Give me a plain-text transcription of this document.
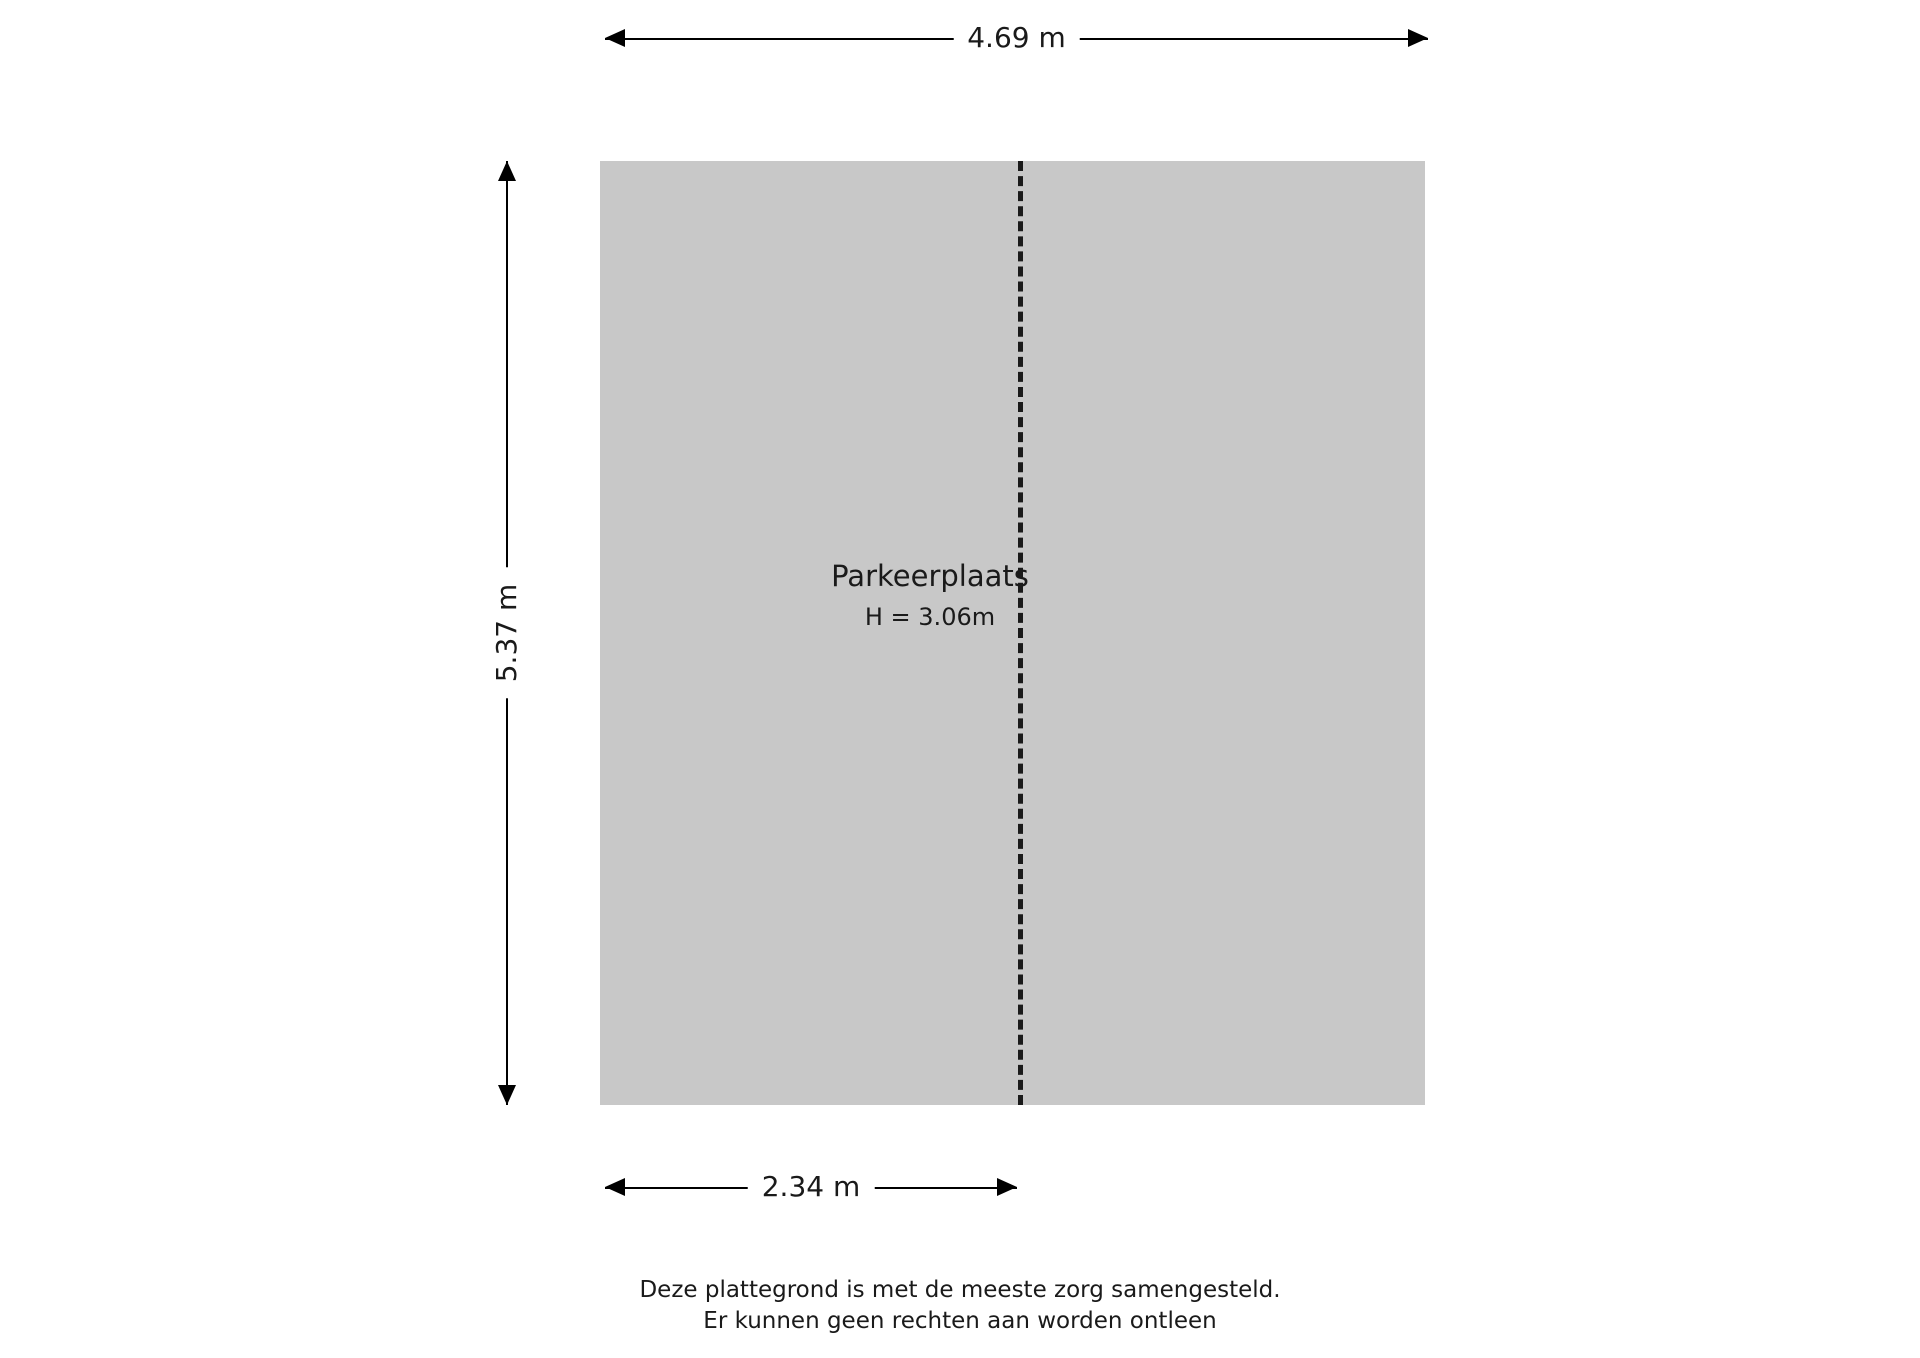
Parkeerplaats
H = 3.06m
4.69 m
5.37 m
2.34 m
Deze plattegrond is met de meeste zorg samengesteld.
Er kunnen geen rechten aan worden ontleen
